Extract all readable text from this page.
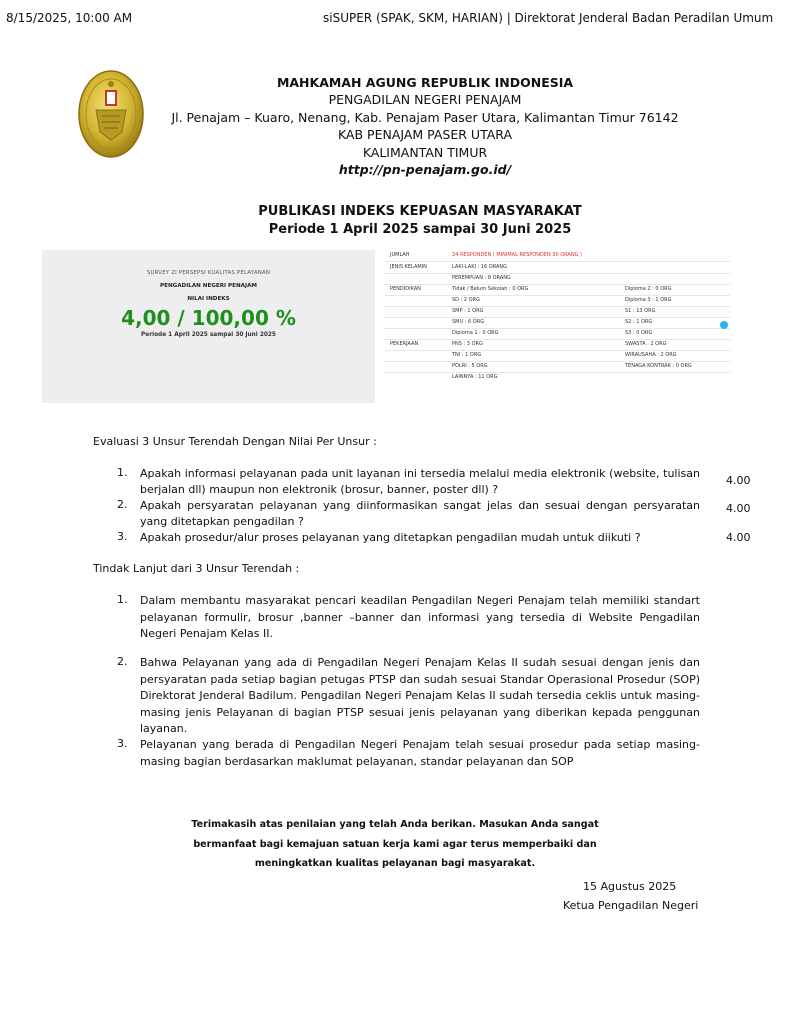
8/15/2025, 10:00 AM	siSUPER (SPAK, SKM, HARIAN) | Direktorat Jenderal Badan Peradilan Umum
MAHKAMAH AGUNG REPUBLIK INDONESIA
PENGADILAN NEGERI PENAJAM
Jl. Penajam – Kuaro, Nenang, Kab. Penajam Paser Utara, Kalimantan Timur 76142
KAB PENAJAM PASER UTARA
KALIMANTAN TIMUR
http://pn-penajam.go.id/
PUBLIKASI INDEKS KEPUASAN MASYARAKAT
Periode 1 April 2025 sampai 30 Juni 2025
SURVEY ZI PERSEPSI KUALITAS PELAYANAN
PENGADILAN NEGERI PENAJAM
NILAI INDEKS
4,00 / 100,00 %
Periode 1 April 2025 sampai 30 Juni 2025
JUMLAH	24 RESPONDEN ( MINIMAL RESPONDEN 30 ORANG )
JENIS KELAMIN	LAKI-LAKI : 16 ORANG
PEREMPUAN : 8 ORANG
PENDIDIKAN	Tidak / Belum Sekolah : 0 ORG	Diploma 2 : 0 ORG
SD : 2 ORG	Diploma 3 : 1 ORG
SMP : 1 ORG	S1 : 13 ORG
SMU : 6 ORG	S2 : 1 ORG
Diploma 1 : 0 ORG	S3 : 0 ORG
PEKERJAAN	PNS : 3 ORG	SWASTA : 2 ORG
TNI : 1 ORG	WIRAUSAHA : 2 ORG
POLRI : 5 ORG	TENAGA KONTRAK : 0 ORG
LAINNYA : 11 ORG
Evaluasi 3 Unsur Terendah Dengan Nilai Per Unsur :
1. Apakah informasi pelayanan pada unit layanan ini tersedia melalui media elektronik (website, tulisan berjalan dll) maupun non elektronik (brosur, banner, poster dll) ?
4.00
2. Apakah persyaratan pelayanan yang diinformasikan sangat jelas dan sesuai dengan persyaratan yang ditetapkan pengadilan ?
4.00
3. Apakah prosedur/alur proses pelayanan yang ditetapkan pengadilan mudah untuk diikuti ?	4.00
Tindak Lanjut dari 3 Unsur Terendah :
1. Dalam membantu masyarakat pencari keadilan Pengadilan Negeri Penajam telah memiliki standart pelayanan formulir, brosur ,banner –banner dan informasi yang tersedia di Website Pengadilan Negeri Penajam Kelas II.
2. Bahwa Pelayanan yang ada di Pengadilan Negeri Penajam Kelas II sudah sesuai dengan jenis dan persyaratan pada setiap bagian petugas PTSP dan sudah sesuai Standar Operasional Prosedur (SOP) Direktorat Jenderal Badilum. Pengadilan Negeri Penajam Kelas II sudah tersedia ceklis untuk masing-masing jenis Pelayanan di bagian PTSP sesuai jenis pelayanan yang diberikan kepada penggunan layanan.
3. Pelayanan yang berada di Pengadilan Negeri Penajam telah sesuai prosedur pada setiap masing-masing bagian berdasarkan maklumat pelayanan, standar pelayanan dan SOP
Terimakasih atas penilaian yang telah Anda berikan. Masukan Anda sangat
bermanfaat bagi kemajuan satuan kerja kami agar terus memperbaiki dan
meningkatkan kualitas pelayanan bagi masyarakat.
15 Agustus 2025
Ketua Pengadilan Negeri
